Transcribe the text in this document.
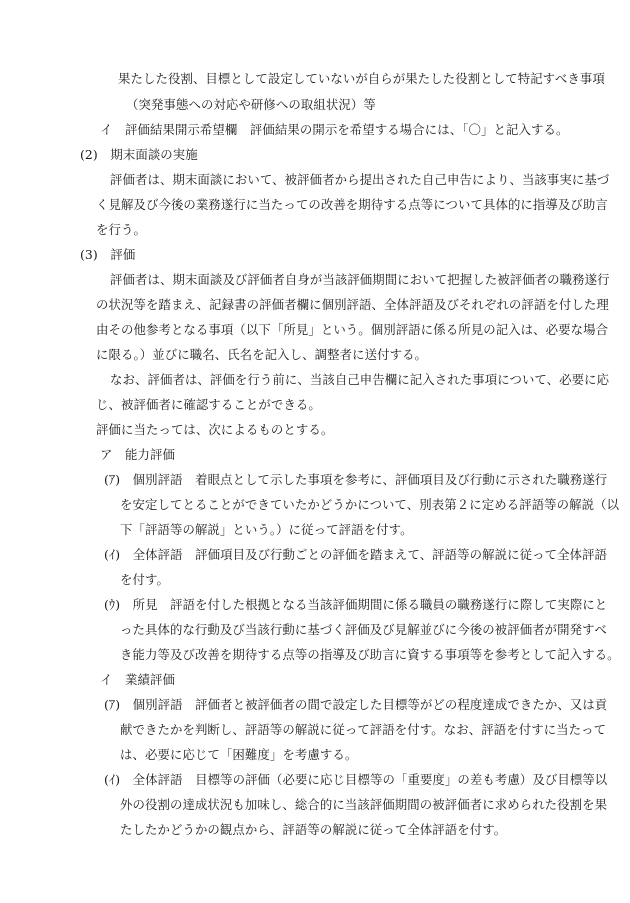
果たした役割、目標として設定していないが自らが果たした役割として特記すべき事項
（突発事態への対応や研修への取組状況）等
イ　評価結果開示希望欄　評価結果の開示を希望する場合には、「〇」と記入する。
(2)　期末面談の実施
評価者は、期末面談において、被評価者から提出された自己申告により、当該事実に基づ
く見解及び今後の業務遂行に当たっての改善を期待する点等について具体的に指導及び助言
を行う。
(3)　評価
評価者は、期末面談及び評価者自身が当該評価期間において把握した被評価者の職務遂行
の状況等を踏まえ、記録書の評価者欄に個別評語、全体評語及びそれぞれの評語を付した理
由その他参考となる事項（以下「所見」という。個別評語に係る所見の記入は、必要な場合
に限る。）並びに職名、氏名を記入し、調整者に送付する。
なお、評価者は、評価を行う前に、当該自己申告欄に記入された事項について、必要に応
じ、被評価者に確認することができる。
評価に当たっては、次によるものとする。
ア　能力評価
(ｱ)　個別評語　着眼点として示した事項を参考に、評価項目及び行動に示された職務遂行
を安定してとることができていたかどうかについて、別表第２に定める評語等の解説（以
下「評語等の解説」という。）に従って評語を付す。
(ｲ)　全体評語　評価項目及び行動ごとの評価を踏まえて、評語等の解説に従って全体評語
を付す。
(ｳ)　所見　評語を付した根拠となる当該評価期間に係る職員の職務遂行に際して実際にと
った具体的な行動及び当該行動に基づく評価及び見解並びに今後の被評価者が開発すべ
き能力等及び改善を期待する点等の指導及び助言に資する事項等を参考として記入する。
イ　業績評価
(ｱ)　個別評語　評価者と被評価者の間で設定した目標等がどの程度達成できたか、又は貢
献できたかを判断し、評語等の解説に従って評語を付す。なお、評語を付すに当たって
は、必要に応じて「困難度」を考慮する。
(ｲ)　全体評語　目標等の評価（必要に応じ目標等の「重要度」の差も考慮）及び目標等以
外の役割の達成状況も加味し、総合的に当該評価期間の被評価者に求められた役割を果
たしたかどうかの観点から、評語等の解説に従って全体評語を付す。
